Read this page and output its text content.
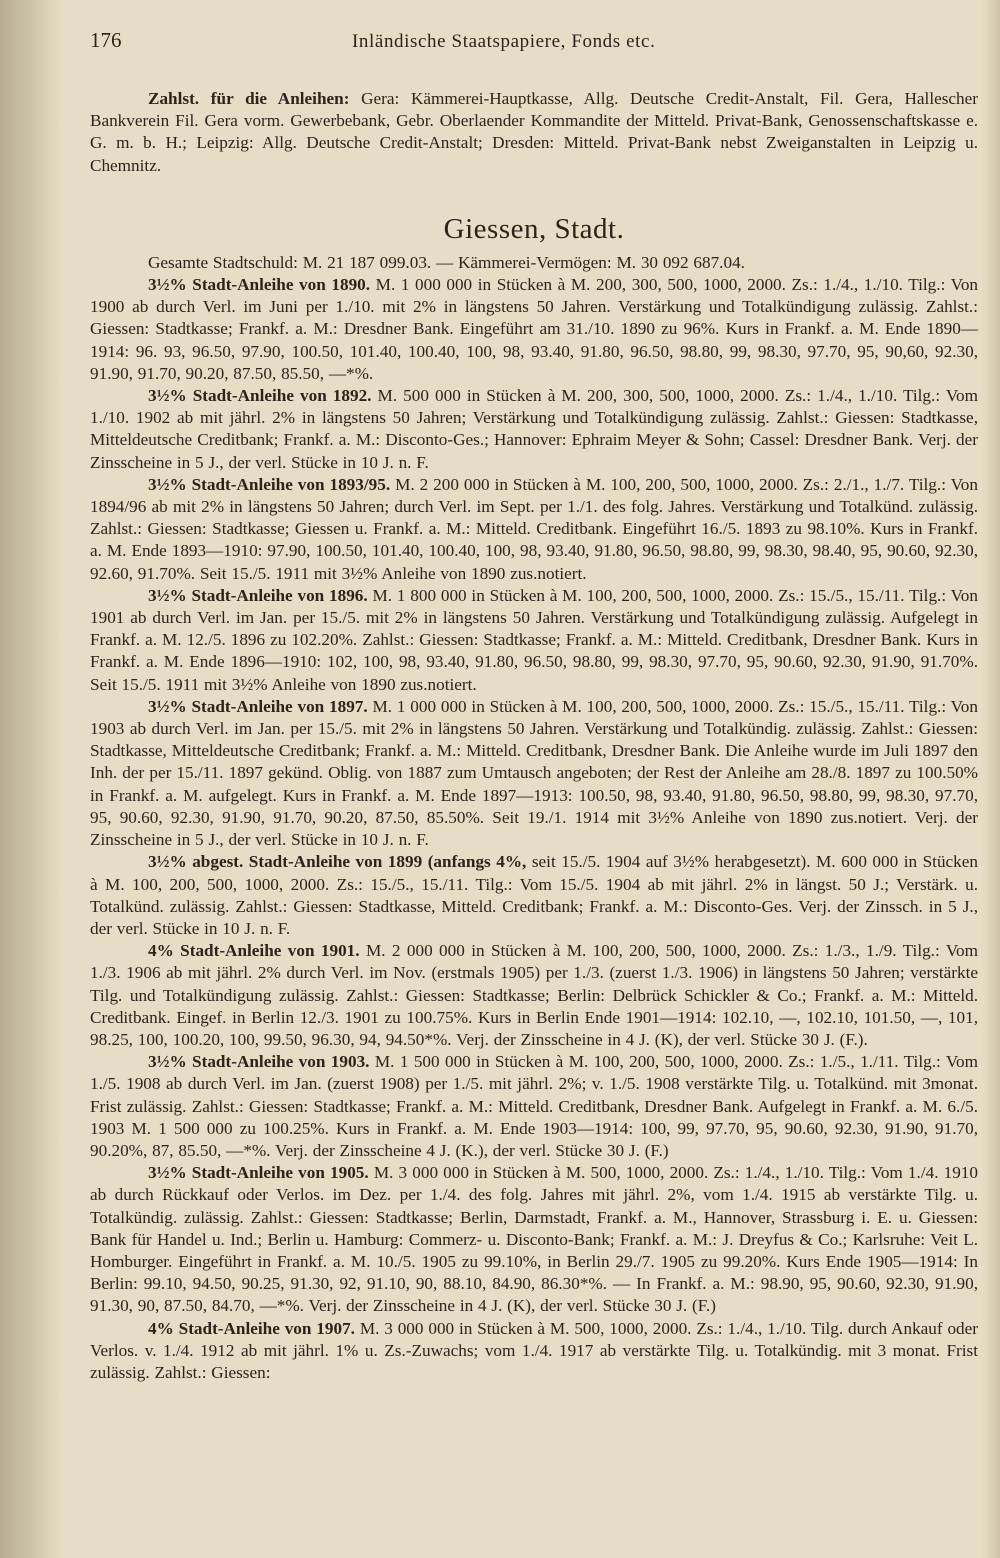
176	Inländische Staatspapiere, Fonds etc.

Zahlst. für die Anleihen: Gera: Kämmerei-Hauptkasse, Allg. Deutsche Credit-Anstalt, Fil. Gera, Hallescher Bankverein Fil. Gera vorm. Gewerbebank, Gebr. Oberlaender Kommandite der Mitteld. Privat-Bank, Genossenschaftskasse e. G. m. b. H.; Leipzig: Allg. Deutsche Credit-Anstalt; Dresden: Mitteld. Privat-Bank nebst Zweiganstalten in Leipzig u. Chemnitz.

Giessen, Stadt.

Gesamte Stadtschuld: M. 21 187 099.03. — Kämmerei-Vermögen: M. 30 092 687.04.

3½% Stadt-Anleihe von 1890. M. 1 000 000 in Stücken à M. 200, 300, 500, 1000, 2000. Zs.: 1./4., 1./10. Tilg.: Von 1900 ab durch Verl. im Juni per 1./10. mit 2% in längstens 50 Jahren. Verstärkung und Totalkündigung zulässig. Zahlst.: Giessen: Stadtkasse; Frankf. a. M.: Dresdner Bank. Eingeführt am 31./10. 1890 zu 96%. Kurs in Frankf. a. M. Ende 1890—1914: 96. 93, 96.50, 97.90, 100.50, 101.40, 100.40, 100, 98, 93.40, 91.80, 96.50, 98.80, 99, 98.30, 97.70, 95, 90,60, 92.30, 91.90, 91.70, 90.20, 87.50, 85.50, —*%.

3½% Stadt-Anleihe von 1892. M. 500 000 in Stücken à M. 200, 300, 500, 1000, 2000. Zs.: 1./4., 1./10. Tilg.: Vom 1./10. 1902 ab mit jährl. 2% in längstens 50 Jahren; Verstärkung und Totalkündigung zulässig. Zahlst.: Giessen: Stadtkasse, Mitteldeutsche Creditbank; Frankf. a. M.: Disconto-Ges.; Hannover: Ephraim Meyer & Sohn; Cassel: Dresdner Bank. Verj. der Zinsscheine in 5 J., der verl. Stücke in 10 J. n. F.

3½% Stadt-Anleihe von 1893/95. M. 2 200 000 in Stücken à M. 100, 200, 500, 1000, 2000. Zs.: 2./1., 1./7. Tilg.: Von 1894/96 ab mit 2% in längstens 50 Jahren; durch Verl. im Sept. per 1./1. des folg. Jahres. Verstärkung und Totalkünd. zulässig. Zahlst.: Giessen: Stadtkasse; Giessen u. Frankf. a. M.: Mitteld. Creditbank. Eingeführt 16./5. 1893 zu 98.10%. Kurs in Frankf. a. M. Ende 1893—1910: 97.90, 100.50, 101.40, 100.40, 100, 98, 93.40, 91.80, 96.50, 98.80, 99, 98.30, 98.40, 95, 90.60, 92.30, 92.60, 91.70%. Seit 15./5. 1911 mit 3½% Anleihe von 1890 zus.notiert.

3½% Stadt-Anleihe von 1896. M. 1 800 000 in Stücken à M. 100, 200, 500, 1000, 2000. Zs.: 15./5., 15./11. Tilg.: Von 1901 ab durch Verl. im Jan. per 15./5. mit 2% in längstens 50 Jahren. Verstärkung und Totalkündigung zulässig. Aufgelegt in Frankf. a. M. 12./5. 1896 zu 102.20%. Zahlst.: Giessen: Stadtkasse; Frankf. a. M.: Mitteld. Creditbank, Dresdner Bank. Kurs in Frankf. a. M. Ende 1896—1910: 102, 100, 98, 93.40, 91.80, 96.50, 98.80, 99, 98.30, 97.70, 95, 90.60, 92.30, 91.90, 91.70%. Seit 15./5. 1911 mit 3½% Anleihe von 1890 zus.notiert.

3½% Stadt-Anleihe von 1897. M. 1 000 000 in Stücken à M. 100, 200, 500, 1000, 2000. Zs.: 15./5., 15./11. Tilg.: Von 1903 ab durch Verl. im Jan. per 15./5. mit 2% in längstens 50 Jahren. Verstärkung und Totalkündig. zulässig. Zahlst.: Giessen: Stadtkasse, Mitteldeutsche Creditbank; Frankf. a. M.: Mitteld. Creditbank, Dresdner Bank. Die Anleihe wurde im Juli 1897 den Inh. der per 15./11. 1897 gekünd. Oblig. von 1887 zum Umtausch angeboten; der Rest der Anleihe am 28./8. 1897 zu 100.50% in Frankf. a. M. aufgelegt. Kurs in Frankf. a. M. Ende 1897—1913: 100.50, 98, 93.40, 91.80, 96.50, 98.80, 99, 98.30, 97.70, 95, 90.60, 92.30, 91.90, 91.70, 90.20, 87.50, 85.50%. Seit 19./1. 1914 mit 3½% Anleihe von 1890 zus.notiert. Verj. der Zinsscheine in 5 J., der verl. Stücke in 10 J. n. F.

3½% abgest. Stadt-Anleihe von 1899 (anfangs 4%, seit 15./5. 1904 auf 3½% herabgesetzt). M. 600 000 in Stücken à M. 100, 200, 500, 1000, 2000. Zs.: 15./5., 15./11. Tilg.: Vom 15./5. 1904 ab mit jährl. 2% in längst. 50 J.; Verstärk. u. Totalkünd. zulässig. Zahlst.: Giessen: Stadtkasse, Mitteld. Creditbank; Frankf. a. M.: Disconto-Ges. Verj. der Zinssch. in 5 J., der verl. Stücke in 10 J. n. F.

4% Stadt-Anleihe von 1901. M. 2 000 000 in Stücken à M. 100, 200, 500, 1000, 2000. Zs.: 1./3., 1./9. Tilg.: Vom 1./3. 1906 ab mit jährl. 2% durch Verl. im Nov. (erstmals 1905) per 1./3. (zuerst 1./3. 1906) in längstens 50 Jahren; verstärkte Tilg. und Totalkündigung zulässig. Zahlst.: Giessen: Stadtkasse; Berlin: Delbrück Schickler & Co.; Frankf. a. M.: Mitteld. Creditbank. Eingef. in Berlin 12./3. 1901 zu 100.75%. Kurs in Berlin Ende 1901—1914: 102.10, —, 102.10, 101.50, —, 101, 98.25, 100, 100.20, 100, 99.50, 96.30, 94, 94.50*%. Verj. der Zinsscheine in 4 J. (K), der verl. Stücke 30 J. (F.).

3½% Stadt-Anleihe von 1903. M. 1 500 000 in Stücken à M. 100, 200, 500, 1000, 2000. Zs.: 1./5., 1./11. Tilg.: Vom 1./5. 1908 ab durch Verl. im Jan. (zuerst 1908) per 1./5. mit jährl. 2%; v. 1./5. 1908 verstärkte Tilg. u. Totalkünd. mit 3monat. Frist zulässig. Zahlst.: Giessen: Stadtkasse; Frankf. a. M.: Mitteld. Creditbank, Dresdner Bank. Aufgelegt in Frankf. a. M. 6./5. 1903 M. 1 500 000 zu 100.25%. Kurs in Frankf. a. M. Ende 1903—1914: 100, 99, 97.70, 95, 90.60, 92.30, 91.90, 91.70, 90.20%, 87, 85.50, —*%. Verj. der Zinsscheine 4 J. (K.), der verl. Stücke 30 J. (F.)

3½% Stadt-Anleihe von 1905. M. 3 000 000 in Stücken à M. 500, 1000, 2000. Zs.: 1./4., 1./10. Tilg.: Vom 1./4. 1910 ab durch Rückkauf oder Verlos. im Dez. per 1./4. des folg. Jahres mit jährl. 2%, vom 1./4. 1915 ab verstärkte Tilg. u. Totalkündig. zulässig. Zahlst.: Giessen: Stadtkasse; Berlin, Darmstadt, Frankf. a. M., Hannover, Strassburg i. E. u. Giessen: Bank für Handel u. Ind.; Berlin u. Hamburg: Commerz- u. Disconto-Bank; Frankf. a. M.: J. Dreyfus & Co.; Karlsruhe: Veit L. Homburger. Eingeführt in Frankf. a. M. 10./5. 1905 zu 99.10%, in Berlin 29./7. 1905 zu 99.20%. Kurs Ende 1905—1914: In Berlin: 99.10, 94.50, 90.25, 91.30, 92, 91.10, 90, 88.10, 84.90, 86.30*%. — In Frankf. a. M.: 98.90, 95, 90.60, 92.30, 91.90, 91.30, 90, 87.50, 84.70, —*%. Verj. der Zinsscheine in 4 J. (K), der verl. Stücke 30 J. (F.)

4% Stadt-Anleihe von 1907. M. 3 000 000 in Stücken à M. 500, 1000, 2000. Zs.: 1./4., 1./10. Tilg. durch Ankauf oder Verlos. v. 1./4. 1912 ab mit jährl. 1% u. Zs.-Zuwachs; vom 1./4. 1917 ab verstärkte Tilg. u. Totalkündig. mit 3 monat. Frist zulässig. Zahlst.: Giessen:
